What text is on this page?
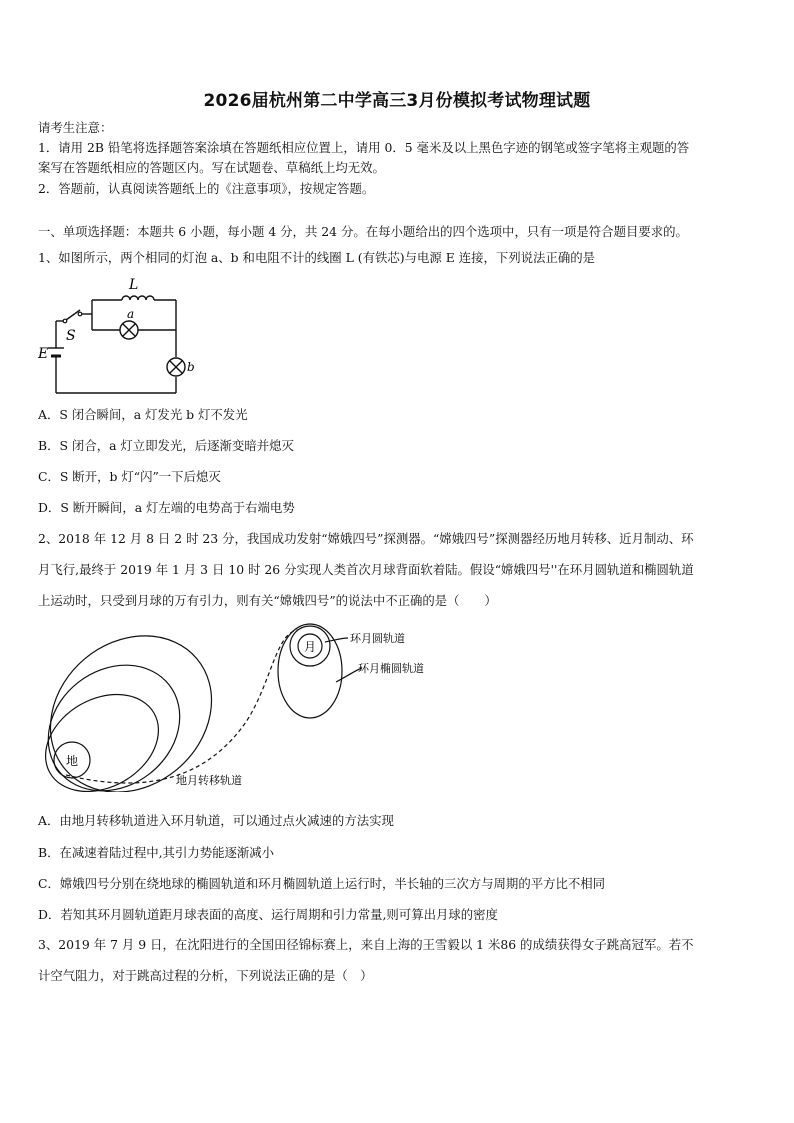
2026届杭州第二中学高三3月份模拟考试物理试题
请考生注意：
1．请用 2B 铅笔将选择题答案涂填在答题纸相应位置上，请用 0．5 毫米及以上黑色字迹的钢笔或签字笔将主观题的答
案写在答题纸相应的答题区内。写在试题卷、草稿纸上均无效。
2．答题前，认真阅读答题纸上的《注意事项》，按规定答题。
一、单项选择题：本题共 6 小题，每小题 4 分，共 24 分。在每小题给出的四个选项中，只有一项是符合题目要求的。
1、如图所示，两个相同的灯泡 a、b 和电阻不计的线圈 L (有铁芯)与电源 E 连接，下列说法正确的是
L
a
S
E
b
A．S 闭合瞬间，a 灯发光 b 灯不发光
B．S 闭合，a 灯立即发光，后逐渐变暗并熄灭
C．S 断开，b 灯“闪”一下后熄灭
D．S 断开瞬间，a 灯左端的电势高于右端电势
2、2018 年 12 月 8 日 2 时 23 分，我国成功发射“嫦娥四号”探测器。“嫦娥四号”探测器经历地月转移、近月制动、环
月飞行,最终于 2019 年 1 月 3 日 10 时 26 分实现人类首次月球背面软着陆。假设“嫦娥四号''在环月圆轨道和椭圆轨道
上运动时，只受到月球的万有引力，则有关“嫦娥四号”的说法中不正确的是（　　）
月
地
环月圆轨道
环月椭圆轨道
地月转移轨道
A．由地月转移轨道进入环月轨道，可以通过点火减速的方法实现
B．在减速着陆过程中,其引力势能逐渐减小
C．嫦娥四号分别在绕地球的椭圆轨道和环月椭圆轨道上运行时，半长轴的三次方与周期的平方比不相同
D．若知其环月圆轨道距月球表面的高度、运行周期和引力常量,则可算出月球的密度
3、2019 年 7 月 9 日，在沈阳进行的全国田径锦标赛上，来自上海的王雪毅以 1 米86 的成绩获得女子跳高冠军。若不
计空气阻力，对于跳高过程的分析，下列说法正确的是（　）
